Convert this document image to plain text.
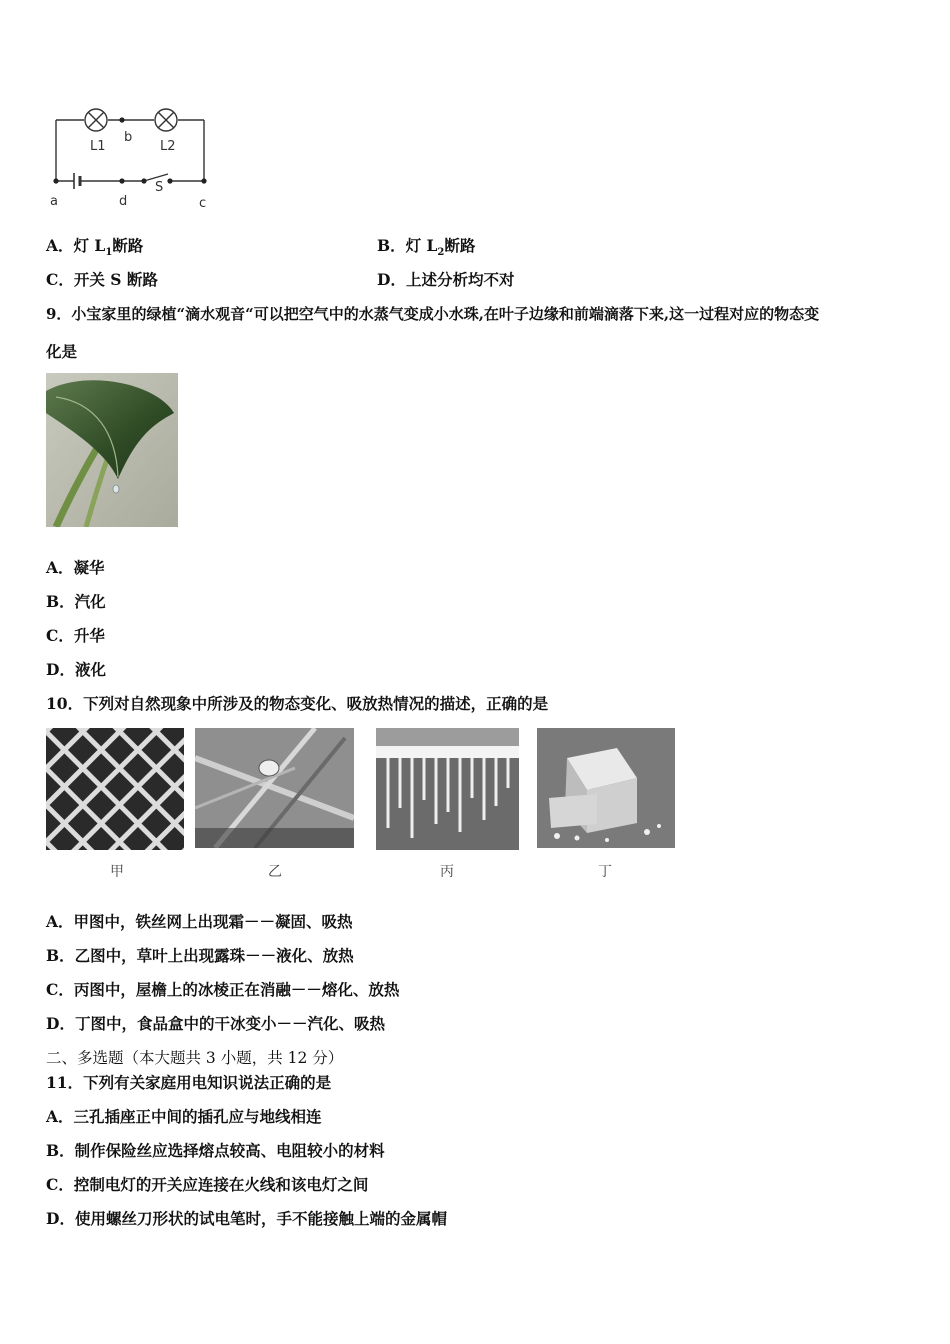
L1	L2
b
S
a	d	c
A．灯 $L_1$断路	B．灯 $L_2$断路
C．开关 S 断路	D．上述分析均不对
9．小宝家里的绿植“滴水观音“可以把空气中的水蒸气变成小水珠,在叶子边缘和前端滴落下来,这一过程对应的物态变
化是
A．凝华
B．汽化
C．升华
D．液化
10．下列对自然现象中所涉及的物态变化、吸放热情况的描述，正确的是
甲	乙	丙	丁
A．甲图中，铁丝网上出现霜－－凝固、吸热
B．乙图中，草叶上出现露珠－－液化、放热
C．丙图中，屋檐上的冰棱正在消融－－熔化、放热
D．丁图中，食品盒中的干冰变小－－汽化、吸热
二、多选题（本大题共 3 小题，共 12 分）
11．下列有关家庭用电知识说法正确的是
A．三孔插座正中间的插孔应与地线相连
B．制作保险丝应选择熔点较高、电阻较小的材料
C．控制电灯的开关应连接在火线和该电灯之间
D．使用螺丝刀形状的试电笔时，手不能接触上端的金属帽
